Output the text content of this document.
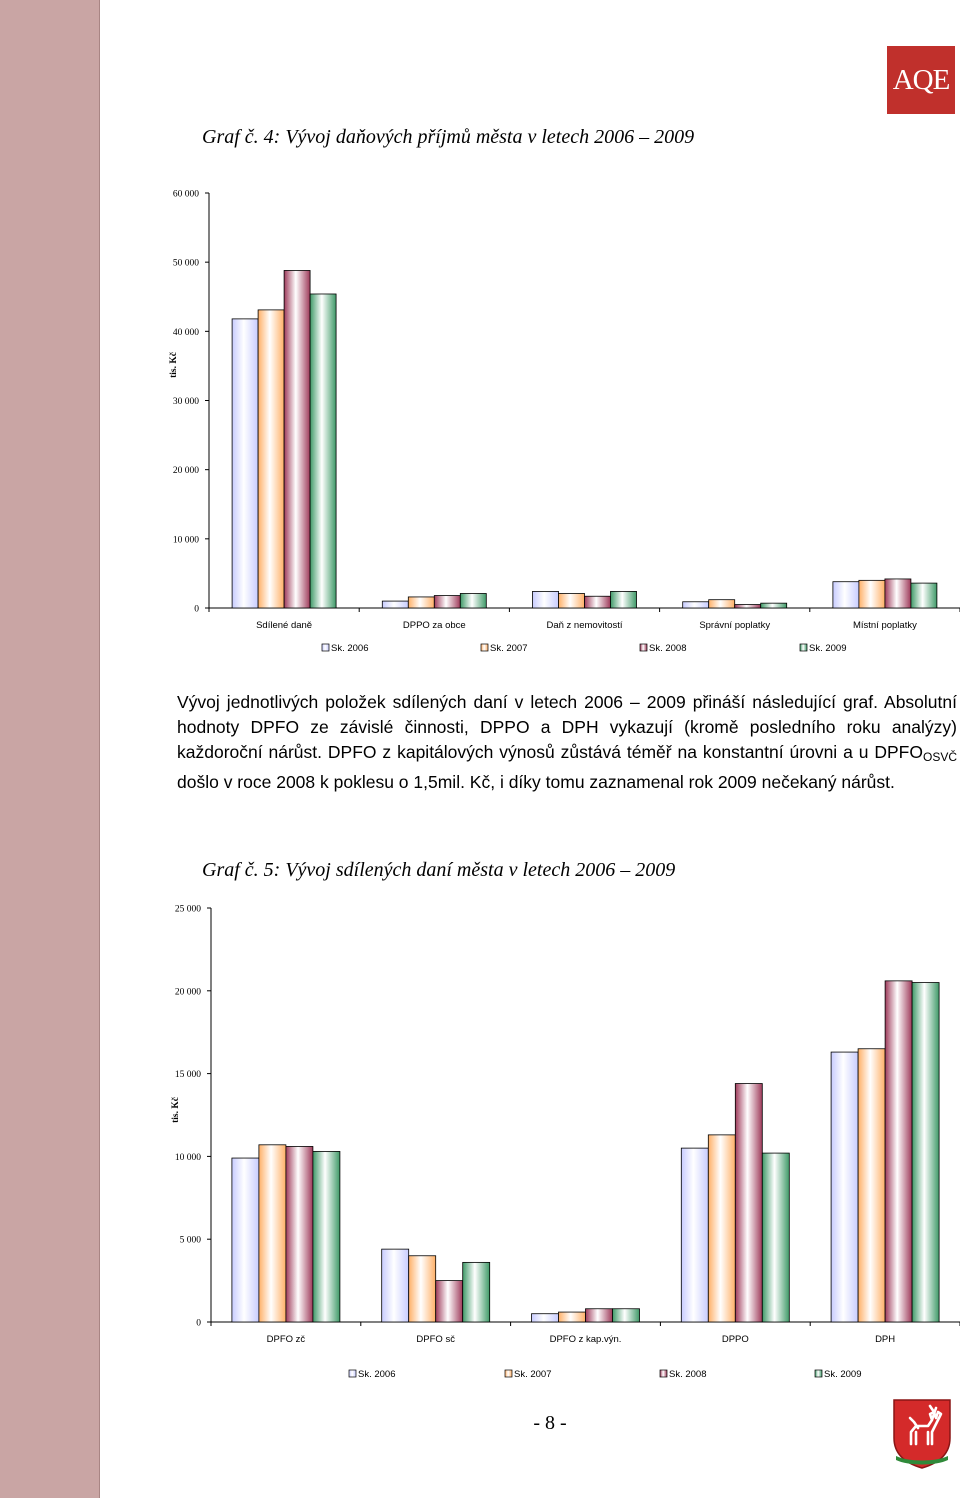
AQE
Graf č. 4: Vývoj daňových příjmů města v letech 2006 – 2009
0
10 000
20 000
30 000
40 000
50 000
60 000
tis. Kč
Sdílené daně	DPPO za obce	Daň z nemovitostí	Správní poplatky	Místní poplatky
Sk. 2006	Sk. 2007	Sk. 2008	Sk. 2009

Vývoj jednotlivých položek sdílených daní v letech 2006 – 2009 přináší následující graf. Absolutní hodnoty DPFO ze závislé činnosti, DPPO a DPH vykazují (kromě posledního roku analýzy) každoroční nárůst. DPFO z kapitálových výnosů zůstává téměř na konstantní úrovni a u $DPFO_{OSVČ}$ došlo v roce 2008 k poklesu o 1,5mil. Kč, i díky tomu zaznamenal rok 2009 nečekaný nárůst.

Graf č. 5: Vývoj sdílených daní města v letech 2006 – 2009
0
5 000
10 000
15 000
20 000
25 000
tis. Kč
DPFO zč	DPFO sč	DPFO z kap.výn.	DPPO	DPH
Sk. 2006	Sk. 2007	Sk. 2008	Sk. 2009
- 8 -
